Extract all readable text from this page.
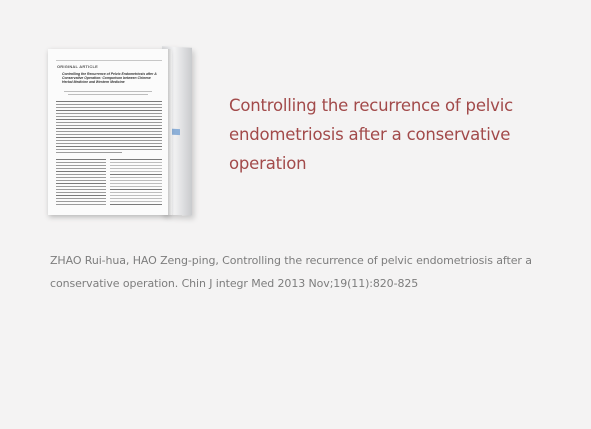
ORIGINAL ARTICLE
Controlling the Recurrence of Pelvic Endometriosis after A Conservative Operation: Comparison between Chinese Herbal Medicine and Western Medicine
Controlling the recurrence of pelvic endometriosis after a conservative operation
ZHAO Rui-hua, HAO Zeng-ping, Controlling the recurrence of pelvic endometriosis after a conservative operation. Chin J integr Med 2013 Nov;19(11):820-825
